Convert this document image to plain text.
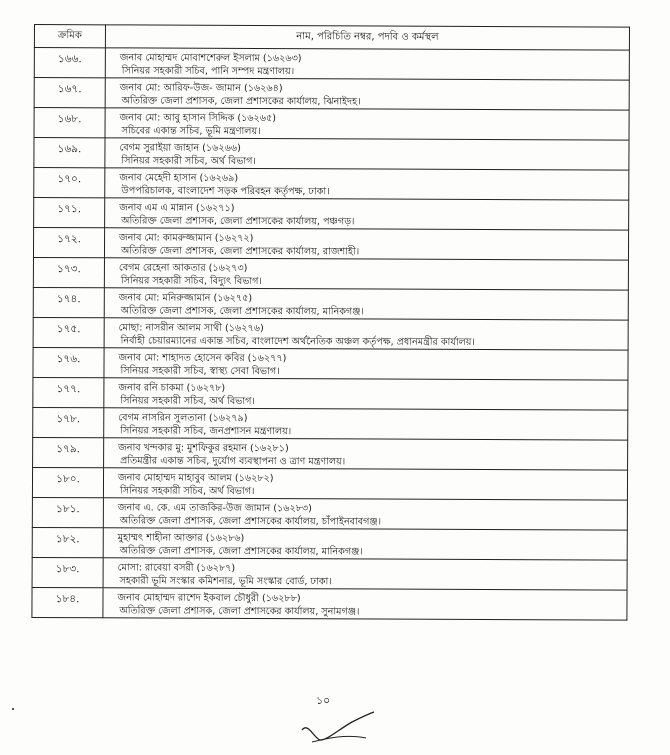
ক্রমিক	নাম, পরিচিতি নম্বর, পদবি ও কর্মস্থল
১৬৬.	জনাব মোহাম্মদ মোবাশশেরুল ইসলাম (১৬২৬৩)
সিনিয়র সহকারী সচিব, পানি সম্পদ মন্ত্রণালয়।

১৬৭.	জনাব মো: আরিফ-উজ- জামান (১৬২৬৪)
অতিরিক্ত জেলা প্রশাসক, জেলা প্রশাসকের কার্যালয়, ঝিনাইদহ।

১৬৮.	জনাব মো: আবু হাসান সিদ্দিক (১৬২৬৫)
সচিবের একান্ত সচিব, ভূমি মন্ত্রণালয়।

১৬৯.	বেগম সুরাইয়া জাহান (১৬২৬৬)
সিনিয়র সহকারী সচিব, অর্থ বিভাগ।

১৭০.	জনাব মেহেদী হাসান (১৬২৬৯)
উপপরিচালক, বাংলাদেশ সড়ক পরিবহন কর্তৃপক্ষ, ঢাকা।

১৭১.	জনাব এম এ মান্নান (১৬২৭১)
অতিরিক্ত জেলা প্রশাসক, জেলা প্রশাসকের কার্যালয়, পঞ্চগড়।

১৭২.	জনাব মো: কামরুজ্জামান (১৬২৭২)
অতিরিক্ত জেলা প্রশাসক, জেলা প্রশাসকের কার্যালয়, রাজশাহী।

১৭৩.	বেগম রেহেনা আকতার (১৬২৭৩)
সিনিয়র সহকারী সচিব, বিদ্যুৎ বিভাগ।

১৭৪.	জনাব মো: মনিরুজ্জামান (১৬২৭৫)
অতিরিক্ত জেলা প্রশাসক, জেলা প্রশাসকের কার্যালয়, মানিকগঞ্জ।

১৭৫.	মোছা: নাসরীন আলম সাথী (১৬২৭৬)
নির্বাহী চেয়ারম্যানের একান্ত সচিব, বাংলাদেশ অর্থনৈতিক অঞ্চল কর্তৃপক্ষ, প্রধানমন্ত্রীর কার্যালয়।

১৭৬.	জনাব মো: শাহাদত হোসেন কবির (১৬২৭৭)
সিনিয়র সহকারী সচিব, স্বাস্থ্য সেবা বিভাগ।

১৭৭.	জনাব রনি চাকমা (১৬২৭৮)
সিনিয়র সহকারী সচিব, অর্থ বিভাগ।

১৭৮.	বেগম নাসরিন সুলতানা (১৬২৭৯)
সিনিয়র সহকারী সচিব, জনপ্রশাসন মন্ত্রণালয়।

১৭৯.	জনাব খন্দকার মু: মুশফিকুর রহমান (১৬২৮১)
প্রতিমন্ত্রীর একান্ত সচিব, দুর্যোগ ব্যবস্থাপনা ও ত্রাণ মন্ত্রণালয়।

১৮০.	জনাব মোহাম্মদ মাহাবুব আলম (১৬২৮২)
সিনিয়র সহকারী সচিব, অর্থ বিভাগ।

১৮১.	জনাব এ. কে. এম তাজকির-উজ জামান (১৬২৮৩)
অতিরিক্ত জেলা প্রশাসক, জেলা প্রশাসকের কার্যালয়, চাঁপাইনবাবগঞ্জ।

১৮২.	মুহাম্মৎ শাহীনা আক্তার (১৬২৮৬)
অতিরিক্ত জেলা প্রশাসক, জেলা প্রশাসকের কার্যালয়, মানিকগঞ্জ।

১৮৩.	মোসা: রাবেয়া বসরী (১৬২৮৭)
সহকারী ভূমি সংস্কার কমিশনার, ভূমি সংস্কার বোর্ড, ঢাকা।

১৮৪.	জনাব মোহাম্মদ রাশেদ ইকবাল চৌধুরী (১৬২৮৮)
অতিরিক্ত জেলা প্রশাসক, জেলা প্রশাসকের কার্যালয়, সুনামগঞ্জ।
১০
